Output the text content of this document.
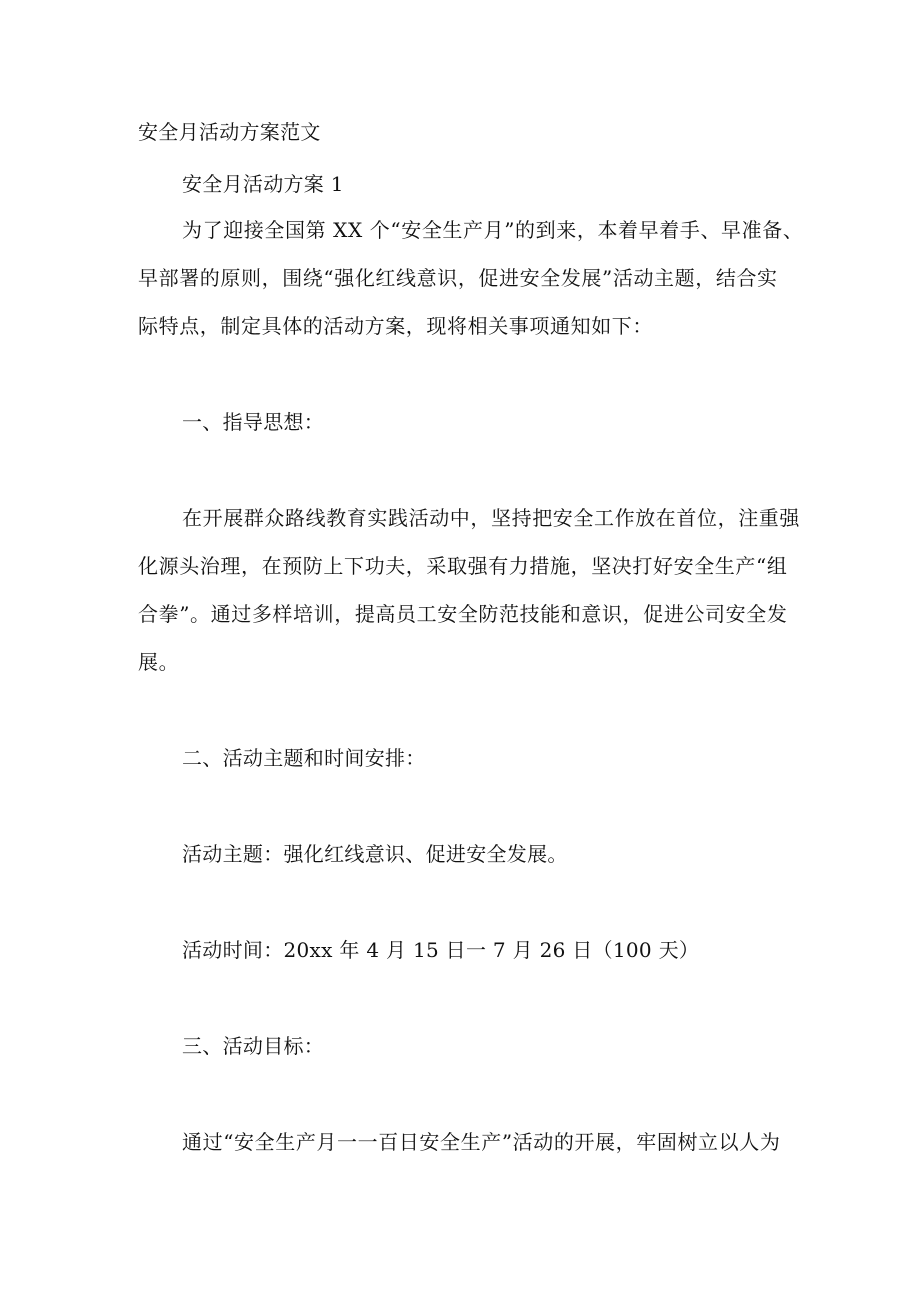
安全月活动方案范文
安全月活动方案 1
为了迎接全国第 XX 个“安全生产月”的到来，本着早着手、早准备、
早部署的原则，围绕“强化红线意识，促进安全发展”活动主题，结合实
际特点，制定具体的活动方案，现将相关事项通知如下：
一、指导思想：
在开展群众路线教育实践活动中，坚持把安全工作放在首位，注重强
化源头治理，在预防上下功夫，采取强有力措施，坚决打好安全生产“组
合拳”。通过多样培训，提高员工安全防范技能和意识，促进公司安全发
展。
二、活动主题和时间安排：
活动主题：强化红线意识、促进安全发展。
活动时间：20xx 年 4 月 15 日一 7 月 26 日（100 天）
三、活动目标：
通过“安全生产月一一百日安全生产”活动的开展，牢固树立以人为
